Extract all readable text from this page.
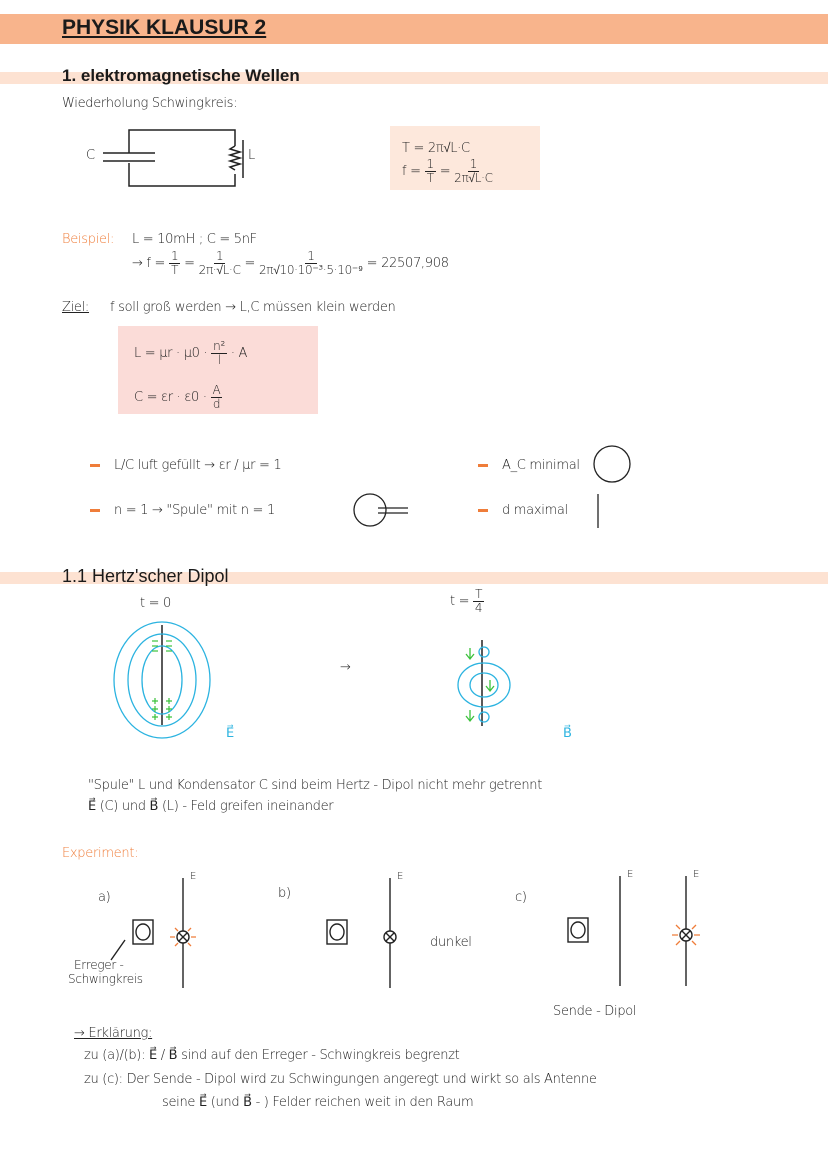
PHYSIK KLAUSUR 2
1. elektromagnetische Wellen
Wiederholung Schwingkreis:
C	L	T = 2π√L·C
$f = \frac{1}{T} = \frac{1}{2\pi√L\cdot C}$
Beispiel: L = 10mH ; C = 5nF
→ $f = \frac{1}{T} = \frac{1}{2\pi\cdot√L\cdot C} = \frac{1}{\text{2π√10·10⁻³·5·10⁻⁹}} = 22507,908$
Ziel: f soll groß werden → L,C müssen klein werden
$L = \mu r \cdot \mu 0 \cdot \frac{\text{n²}}{l} \cdot A$
$C = \varepsilon r \cdot \varepsilon 0 \cdot \frac{A}{d}$
L/C luft gefüllt → εr / μr = 1
n = 1 → "Spule" mit n = 1
A_C minimal
d maximal
1.1 Hertz'scher Dipol
t = 0	$t = \frac{T}{4}$
E⃗
→
B⃗
"Spule" L und Kondensator C sind beim Hertz - Dipol nicht mehr getrennt
E⃗ (C) und B⃗ (L) - Feld greifen ineinander
Experiment:
a)	b)	c)
E	E	E	E
Erreger -
Schwingkreis
dunkel
Sende - Dipol
→ Erklärung:
zu (a)/(b): E⃗ / B⃗ sind auf den Erreger - Schwingkreis begrenzt
zu (c): Der Sende - Dipol wird zu Schwingungen angeregt und wirkt so als Antenne
seine E⃗ (und B⃗ - ) Felder reichen weit in den Raum
